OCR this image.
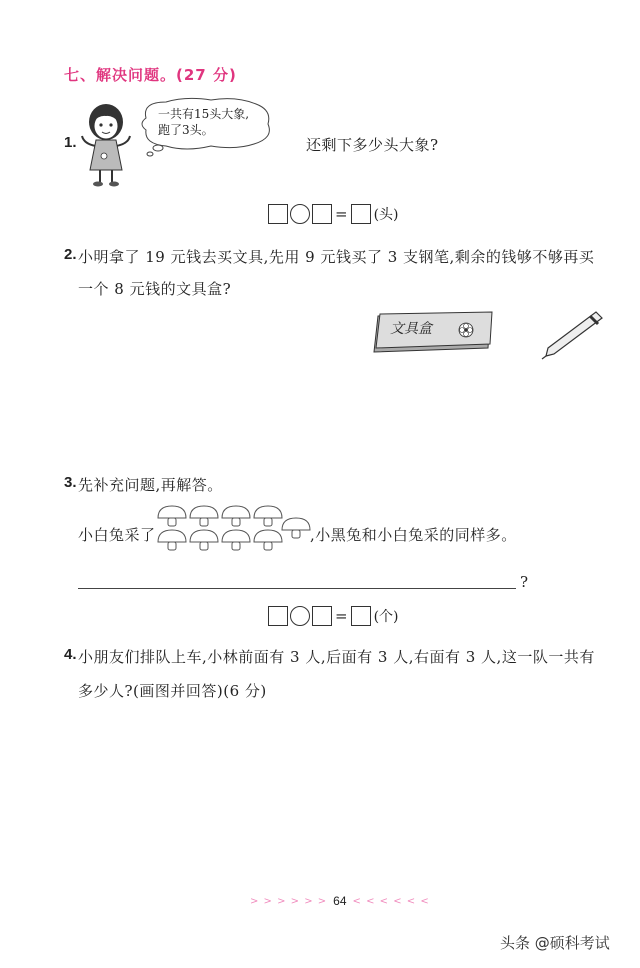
七、解决问题。(27 分)
1.
一共有15头大象,
跑了3头。
还剩下多少头大象?
= (头)
2. 小明拿了 19 元钱去买文具,先用 9 元钱买了 3 支钢笔,剩余的钱够不够再买
一个 8 元钱的文具盒?
文具盒
3. 先补充问题,再解答。
小白兔采了	,小黑兔和小白兔采的同样多。
?
= (个)
4. 小朋友们排队上车,小林前面有 3 人,后面有 3 人,右面有 3 人,这一队一共有
多少人?(画图并回答)(6 分)
> > > > > > 64 < < < < < <
头条 @硕科考试
